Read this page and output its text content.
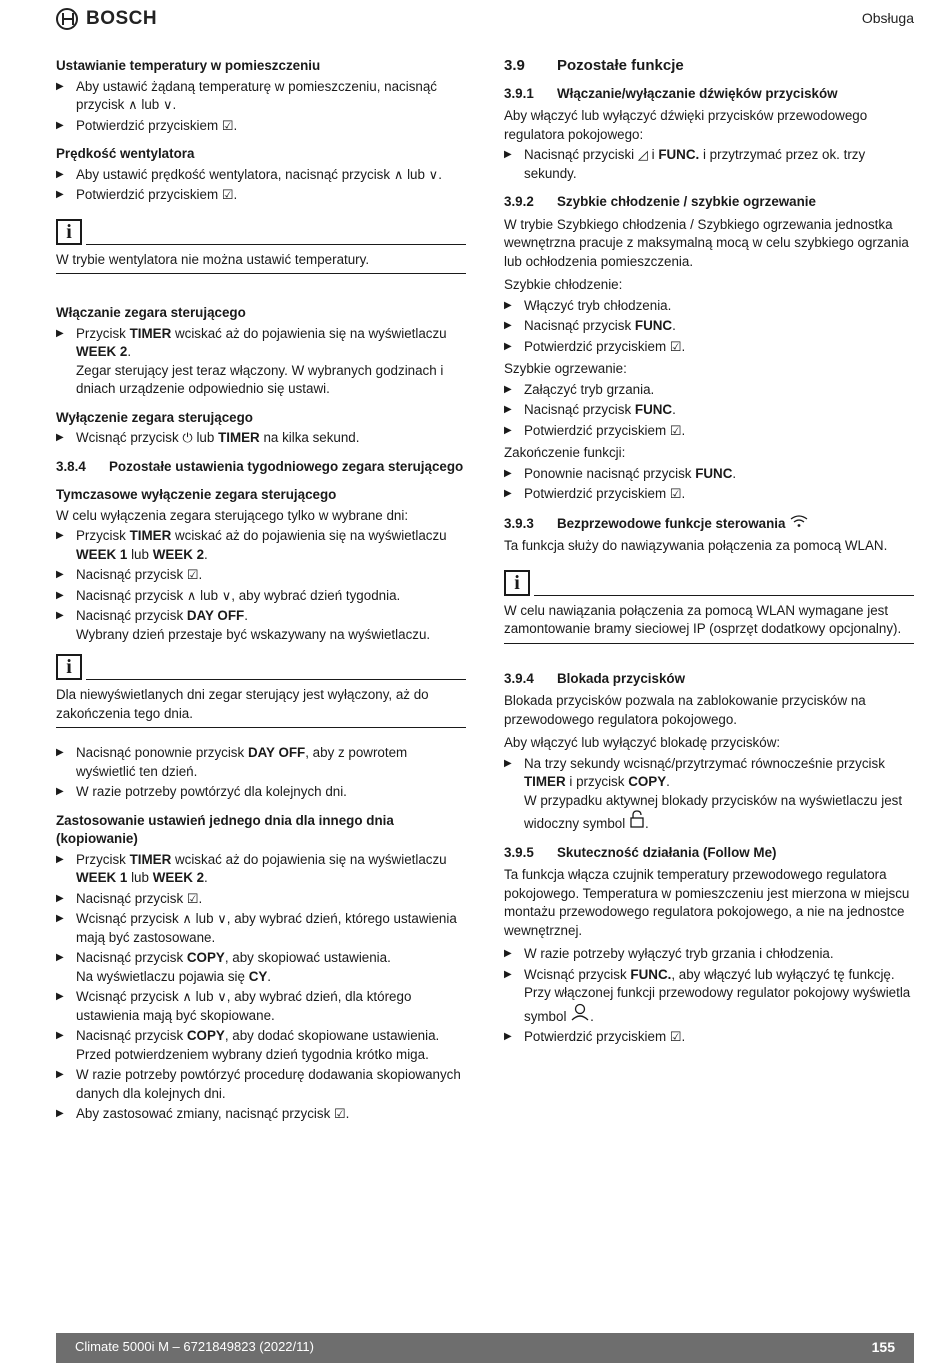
BOSCH	Obsługa
Ustawianie temperatury w pomieszczeniu
▶ Aby ustawić żądaną temperaturę w pomieszczeniu, nacisnąć przycisk ∧ lub ∨.
▶ Potwierdzić przyciskiem ☑.
Prędkość wentylatora
▶ Aby ustawić prędkość wentylatora, nacisnąć przycisk ∧ lub ∨.
▶ Potwierdzić przyciskiem ☑.
i
W trybie wentylatora nie można ustawić temperatury.
Włączanie zegara sterującego
▶ Przycisk TIMER wciskać aż do pojawienia się na wyświetlaczu WEEK 2.
Zegar sterujący jest teraz włączony. W wybranych godzinach i dniach urządzenie odpowiednio się ustawi.
Wyłączenie zegara sterującego
▶ Wcisnąć przycisk ⏻ lub TIMER na kilka sekund.
3.8.4 Pozostałe ustawienia tygodniowego zegara sterującego
Tymczasowe wyłączenie zegara sterującego
W celu wyłączenia zegara sterującego tylko w wybrane dni:
▶ Przycisk TIMER wciskać aż do pojawienia się na wyświetlaczu WEEK 1 lub WEEK 2.
▶ Nacisnąć przycisk ☑.
▶ Nacisnąć przycisk ∧ lub ∨, aby wybrać dzień tygodnia.
▶ Nacisnąć przycisk DAY OFF.
Wybrany dzień przestaje być wskazywany na wyświetlaczu.
i
Dla niewyświetlanych dni zegar sterujący jest wyłączony, aż do zakończenia tego dnia.
▶ Nacisnąć ponownie przycisk DAY OFF, aby z powrotem wyświetlić ten dzień.
▶ W razie potrzeby powtórzyć dla kolejnych dni.
Zastosowanie ustawień jednego dnia dla innego dnia (kopiowanie)
▶ Przycisk TIMER wciskać aż do pojawienia się na wyświetlaczu WEEK 1 lub WEEK 2.
▶ Nacisnąć przycisk ☑.
▶ Wcisnąć przycisk ∧ lub ∨, aby wybrać dzień, którego ustawienia mają być zastosowane.
▶ Nacisnąć przycisk COPY, aby skopiować ustawienia.
Na wyświetlaczu pojawia się CY.
▶ Wcisnąć przycisk ∧ lub ∨, aby wybrać dzień, dla którego ustawienia mają być skopiowane.
▶ Nacisnąć przycisk COPY, aby dodać skopiowane ustawienia.
Przed potwierdzeniem wybrany dzień tygodnia krótko miga.
▶ W razie potrzeby powtórzyć procedurę dodawania skopiowanych danych dla kolejnych dni.
▶ Aby zastosować zmiany, nacisnąć przycisk ☑.
3.9 Pozostałe funkcje
3.9.1 Włączanie/wyłączanie dźwięków przycisków
Aby włączyć lub wyłączyć dźwięki przycisków przewodowego regulatora pokojowego:
▶ Nacisnąć przyciski ◿ i FUNC. i przytrzymać przez ok. trzy sekundy.
3.9.2 Szybkie chłodzenie / szybkie ogrzewanie
W trybie Szybkiego chłodzenia / Szybkiego ogrzewania jednostka wewnętrzna pracuje z maksymalną mocą w celu szybkiego ogrzania lub ochłodzenia pomieszczenia.
Szybkie chłodzenie:
▶ Włączyć tryb chłodzenia.
▶ Nacisnąć przycisk FUNC.
▶ Potwierdzić przyciskiem ☑.
Szybkie ogrzewanie:
▶ Załączyć tryb grzania.
▶ Nacisnąć przycisk FUNC.
▶ Potwierdzić przyciskiem ☑.
Zakończenie funkcji:
▶ Ponownie nacisnąć przycisk FUNC.
▶ Potwierdzić przyciskiem ☑.
3.9.3 Bezprzewodowe funkcje sterowania
Ta funkcja służy do nawiązywania połączenia za pomocą WLAN.
i
W celu nawiązania połączenia za pomocą WLAN wymagane jest zamontowanie bramy sieciowej IP (osprzęt dodatkowy opcjonalny).
3.9.4 Blokada przycisków
Blokada przycisków pozwala na zablokowanie przycisków na przewodowego regulatora pokojowego.
Aby włączyć lub wyłączyć blokadę przycisków:
▶ Na trzy sekundy wcisnąć/przytrzymać równocześnie przycisk TIMER i przycisk COPY.
W przypadku aktywnej blokady przycisków na wyświetlaczu jest widoczny symbol .
3.9.5 Skuteczność działania (Follow Me)
Ta funkcja włącza czujnik temperatury przewodowego regulatora pokojowego. Temperatura w pomieszczeniu jest mierzona w miejscu montażu przewodowego regulatora pokojowego, a nie na jednostce wewnętrznej.
▶ W razie potrzeby wyłączyć tryb grzania i chłodzenia.
▶ Wcisnąć przycisk FUNC., aby włączyć lub wyłączyć tę funkcję.
Przy włączonej funkcji przewodowy regulator pokojowy wyświetla symbol .
▶ Potwierdzić przyciskiem ☑.
Climate 5000i M – 6721849823 (2022/11)	155
